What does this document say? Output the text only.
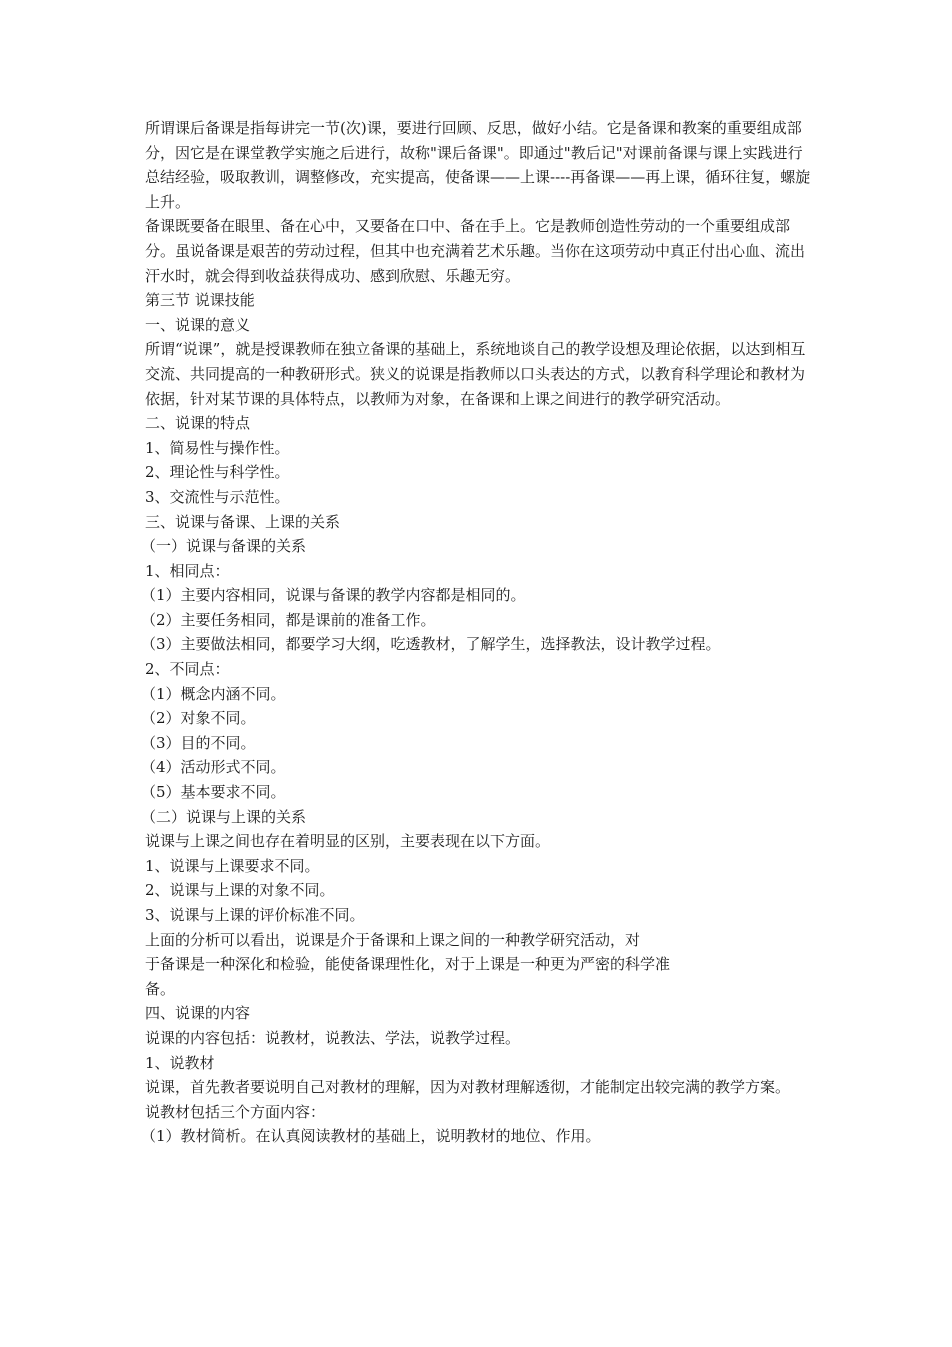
所谓课后备课是指每讲完一节(次)课，要进行回顾、反思，做好小结。它是备课和教案的重要组成部分，因它是在课堂教学实施之后进行，故称"课后备课"。即通过"教后记"对课前备课与课上实践进行总结经验，吸取教训，调整修改，充实提高，使备课——上课----再备课——再上课，循环往复，螺旋上升。

备课既要备在眼里、备在心中，又要备在口中、备在手上。它是教师创造性劳动的一个重要组成部分。虽说备课是艰苦的劳动过程，但其中也充满着艺术乐趣。当你在这项劳动中真正付出心血、流出汗水时，就会得到收益获得成功、感到欣慰、乐趣无穷。

第三节 说课技能

一、说课的意义

所谓“说课”，就是授课教师在独立备课的基础上，系统地谈自己的教学设想及理论依据，以达到相互交流、共同提高的一种教研形式。狭义的说课是指教师以口头表达的方式，以教育科学理论和教材为依据，针对某节课的具体特点，以教师为对象，在备课和上课之间进行的教学研究活动。

二、说课的特点

1、简易性与操作性。

2、理论性与科学性。

3、交流性与示范性。

三、说课与备课、上课的关系

（一）说课与备课的关系

1、相同点：

（1）主要内容相同，说课与备课的教学内容都是相同的。

（2）主要任务相同，都是课前的准备工作。

（3）主要做法相同，都要学习大纲，吃透教材，了解学生，选择教法，设计教学过程。

2、不同点：

（1）概念内涵不同。

（2）对象不同。

（3）目的不同。

（4）活动形式不同。

（5）基本要求不同。

（二）说课与上课的关系

说课与上课之间也存在着明显的区别，主要表现在以下方面。

1、说课与上课要求不同。

2、说课与上课的对象不同。

3、说课与上课的评价标准不同。

上面的分析可以看出，说课是介于备课和上课之间的一种教学研究活动，对

于备课是一种深化和检验，能使备课理性化，对于上课是一种更为严密的科学准

备。

四、说课的内容

说课的内容包括：说教材，说教法、学法，说教学过程。

1、说教材

说课，首先教者要说明自己对教材的理解，因为对教材理解透彻，才能制定出较完满的教学方案。

说教材包括三个方面内容：

（1）教材简析。在认真阅读教材的基础上，说明教材的地位、作用。
